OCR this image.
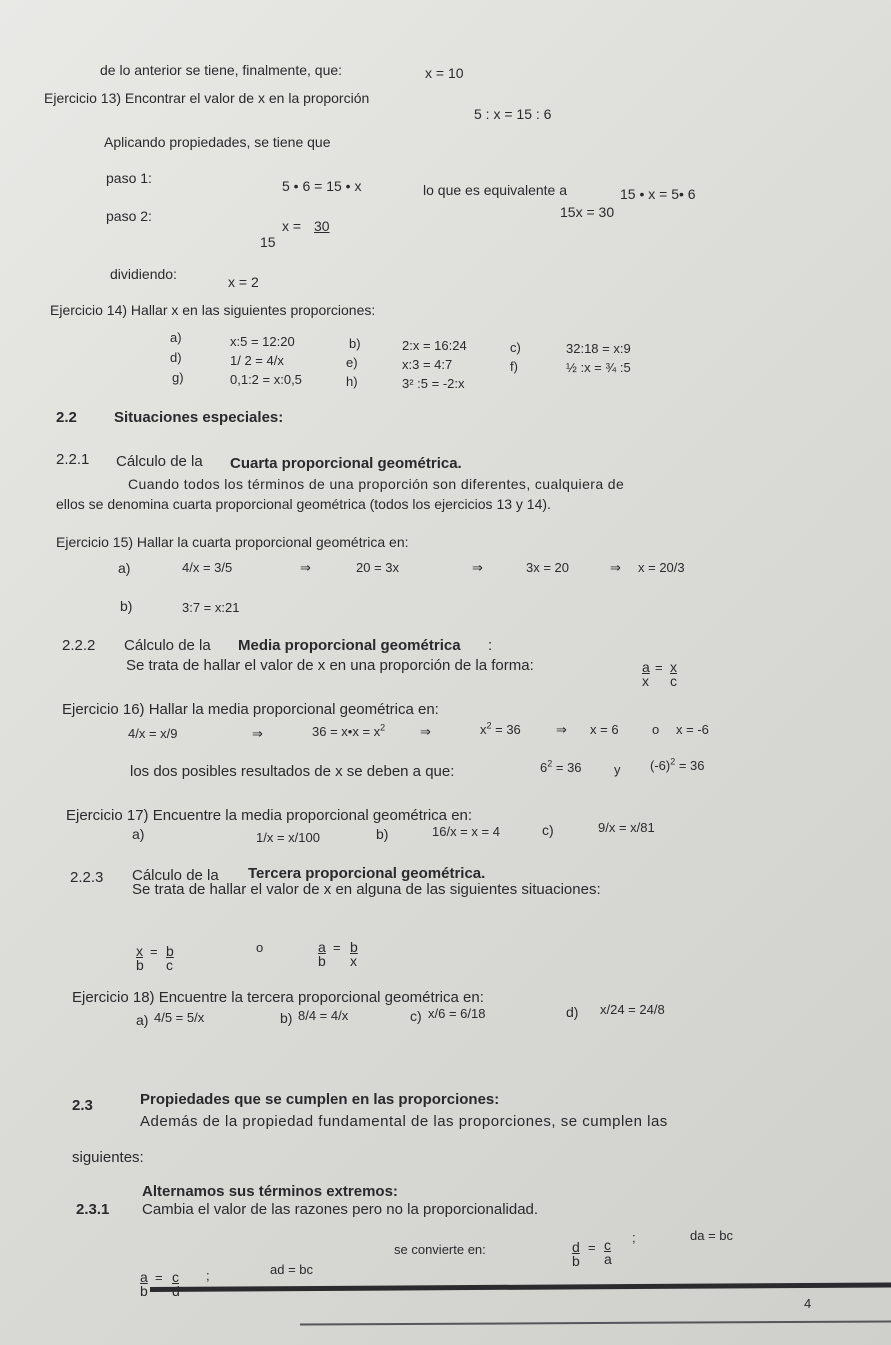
de lo anterior se tiene, finalmente, que:	x = 10
Ejercicio 13) Encontrar el valor de x en la proporción
5 : x = 15 : 6
Aplicando propiedades, se tiene que
paso 1:	5 • 6 = 15 • x	lo que es equivalente a	15 • x = 5• 6
15x = 30
paso 2:
x = 30
15
dividiendo:	x = 2
Ejercicio 14) Hallar x en las siguientes proporciones:
a)	x:5 = 12:20	b)	2:x = 16:24	c)	32:18 = x:9
d)	1/ 2 = 4/x	e)	x:3 = 4:7	f)	½ :x = ¾ :5
g)	0,1:2 = x:0,5	h)	3² :5 = -2:x
2.2 Situaciones especiales:
2.2.1 Cálculo de la Cuarta proporcional geométrica.
Cuando todos los términos de una proporción son diferentes, cualquiera de
ellos se denomina cuarta proporcional geométrica (todos los ejercicios 13 y 14).
Ejercicio 15) Hallar la cuarta proporcional geométrica en:
a)	4/x = 3/5	⇒	20 = 3x	⇒	3x = 20	⇒ x = 20/3
b)	3:7 = x:21
2.2.2 Cálculo de la Media proporcional geométrica :
Se trata de hallar el valor de x en una proporción de la forma:	$\frac{a}{x} = \frac{x}{c}$
Ejercicio 16) Hallar la media proporcional geométrica en:
4/x = x/9	⇒	36 = x•x = $x^2$	⇒	$x^2 = 36$	⇒ x = 6	o x = -6
los dos posibles resultados de x se deben a que:	$6^2 = 36$ y $(-6)^2 = 36$
Ejercicio 17) Encuentre la media proporcional geométrica en:
a)	1/x = x/100	b)	16/x = x = 4	c)	9/x = x/81
2.2.3 Cálculo de la Tercera proporcional geométrica.
Se trata de hallar el valor de x en alguna de las siguientes situaciones:
$\frac{x}{b} = \frac{b}{c}$	o	$\frac{a}{b} = \frac{b}{x}$
Ejercicio 18) Encuentre la tercera proporcional geométrica en:
a) 4/5 = 5/x	b) 8/4 = 4/x	c) x/6 = 6/18	d) x/24 = 24/8
2.3	Propiedades que se cumplen en las proporciones:
Además de la propiedad fundamental de las proporciones, se cumplen las
siguientes:
2.3.1
Alternamos sus términos extremos:
Cambia el valor de las razones pero no la proporcionalidad.
$\frac{a}{b} = c$ ;	ad = bc
se convierte en:	$\frac{d}{b} = \frac{c}{a}$
;	da = bc
4
